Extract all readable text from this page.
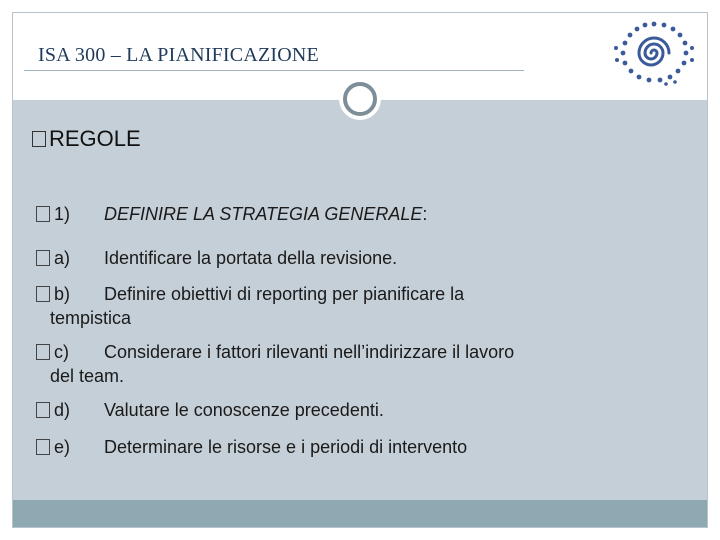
ISA 300 – LA PIANIFICAZIONE
REGOLE
1) DEFINIRE LA STRATEGIA GENERALE:
a) Identificare la portata della revisione.
b) Definire obiettivi di reporting per pianificare la
tempistica
c) Considerare i fattori rilevanti nell’indirizzare il lavoro
del team.
d) Valutare le conoscenze precedenti.
e) Determinare le risorse e i periodi di intervento
